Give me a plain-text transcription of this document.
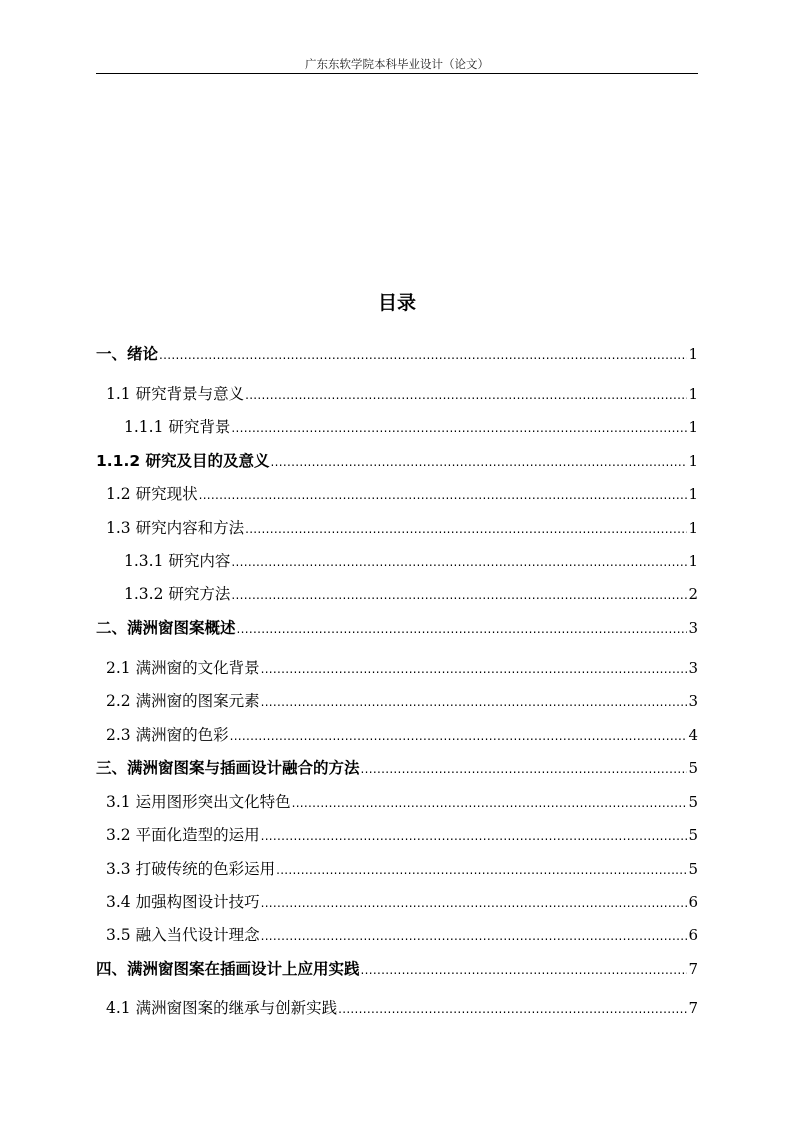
广东东软学院本科毕业设计（论文）
目录
一、绪论 .....	1
1.1 研究背景与意义 .....	1
1.1.1 研究背景 .....	1
1.1.2 研究及目的及意义 .....	1
1.2 研究现状 .....	1
1.3 研究内容和方法 .....	1
1.3.1 研究内容 .....	1
1.3.2 研究方法 .....	2
二、满洲窗图案概述 .....	3
2.1 满洲窗的文化背景 .....	3
2.2 满洲窗的图案元素 .....	3
2.3 满洲窗的色彩 .....	4
三、满洲窗图案与插画设计融合的方法 .....	5
3.1 运用图形突出文化特色 .....	5
3.2 平面化造型的运用 .....	5
3.3 打破传统的色彩运用 .....	5
3.4 加强构图设计技巧 .....	6
3.5 融入当代设计理念 .....	6
四、满洲窗图案在插画设计上应用实践 .....	7
4.1 满洲窗图案的继承与创新实践 .....	7
